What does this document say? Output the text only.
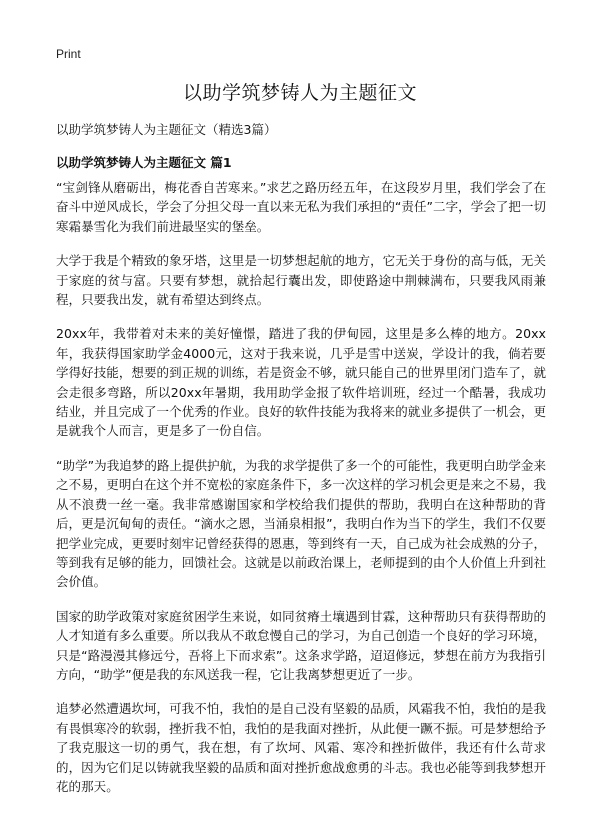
Print
以助学筑梦铸人为主题征文
以助学筑梦铸人为主题征文（精选3篇）
以助学筑梦铸人为主题征文 篇1

“宝剑锋从磨砺出，梅花香自苦寒来。”求艺之路历经五年，在这段岁月里，我们学会了在奋斗中逆风成长，学会了分担父母一直以来无私为我们承担的“责任”二字，学会了把一切寒霜暴雪化为我们前进最坚实的堡垒。

大学于我是个精致的象牙塔，这里是一切梦想起航的地方，它无关于身份的高与低，无关于家庭的贫与富。只要有梦想，就拾起行囊出发，即使路途中荆棘满布，只要我风雨兼程，只要我出发，就有希望达到终点。

20xx年，我带着对未来的美好憧憬，踏进了我的伊甸园，这里是多么棒的地方。20xx年，我获得国家助学金4000元，这对于我来说，几乎是雪中送炭，学设计的我，倘若要学得好技能，想要的到正规的训练，若是资金不够，就只能自己的世界里闭门造车了，就会走很多弯路，所以20xx年暑期，我用助学金报了软件培训班，经过一个酷暑，我成功结业，并且完成了一个优秀的作业。良好的软件技能为我将来的就业多提供了一机会，更是就我个人而言，更是多了一份自信。

“助学”为我追梦的路上提供护航，为我的求学提供了多一个的可能性，我更明白助学金来之不易，更明白在这个并不宽松的家庭条件下，多一次这样的学习机会更是来之不易，我从不浪费一丝一毫。我非常感谢国家和学校给我们提供的帮助，我明白在这种帮助的背后，更是沉甸甸的责任。“滴水之恩，当涌泉相报”，我明白作为当下的学生，我们不仅要把学业完成，更要时刻牢记曾经获得的恩惠，等到终有一天，自己成为社会成熟的分子，等到我有足够的能力，回馈社会。这就是以前政治课上，老师提到的由个人价值上升到社会价值。

国家的助学政策对家庭贫困学生来说，如同贫瘠土壤遇到甘霖，这种帮助只有获得帮助的人才知道有多么重要。所以我从不敢怠慢自己的学习，为自己创造一个良好的学习环境，只是“路漫漫其修远兮，吾将上下而求索”。这条求学路，迢迢修远，梦想在前方为我指引方向，“助学”便是我的东风送我一程，它让我离梦想更近了一步。

追梦必然遭遇坎坷，可我不怕，我怕的是自己没有坚毅的品质，风霜我不怕，我怕的是我有畏惧寒冷的软弱，挫折我不怕，我怕的是我面对挫折，从此便一蹶不振。可是梦想给予了我克服这一切的勇气，我在想，有了坎坷、风霜、寒冷和挫折做伴，我还有什么苛求的，因为它们足以铸就我坚毅的品质和面对挫折愈战愈勇的斗志。我也必能等到我梦想开花的那天。
